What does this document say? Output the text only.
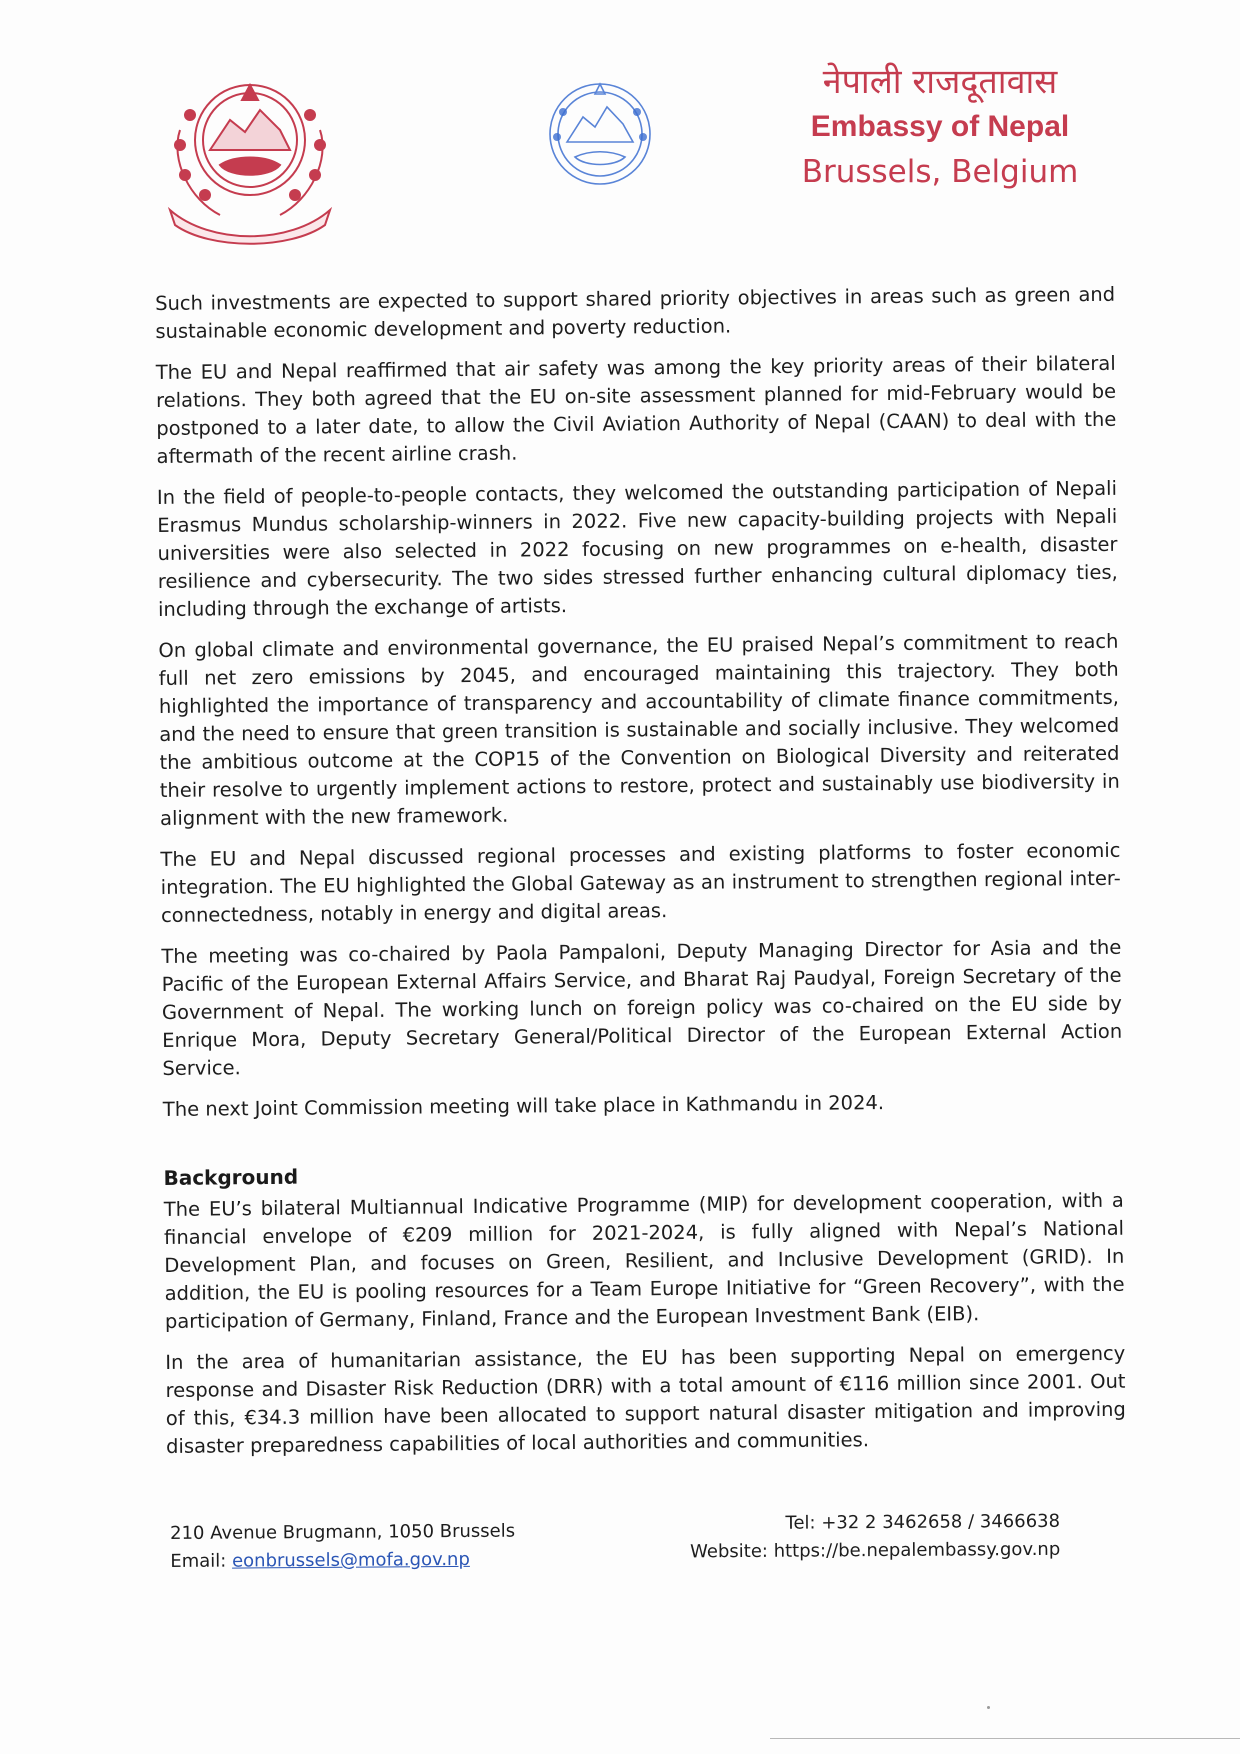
नेपाली राजदूतावास
Embassy of Nepal
Brussels, Belgium

Such investments are expected to support shared priority objectives in areas such as green and sustainable economic development and poverty reduction.

The EU and Nepal reaffirmed that air safety was among the key priority areas of their bilateral relations. They both agreed that the EU on-site assessment planned for mid-February would be postponed to a later date, to allow the Civil Aviation Authority of Nepal (CAAN) to deal with the aftermath of the recent airline crash.

In the field of people-to-people contacts, they welcomed the outstanding participation of Nepali Erasmus Mundus scholarship-winners in 2022. Five new capacity-building projects with Nepali universities were also selected in 2022 focusing on new programmes on e-health, disaster resilience and cybersecurity. The two sides stressed further enhancing cultural diplomacy ties, including through the exchange of artists.

On global climate and environmental governance, the EU praised Nepal’s commitment to reach full net zero emissions by 2045, and encouraged maintaining this trajectory. They both highlighted the importance of transparency and accountability of climate finance commitments, and the need to ensure that green transition is sustainable and socially inclusive. They welcomed the ambitious outcome at the COP15 of the Convention on Biological Diversity and reiterated their resolve to urgently implement actions to restore, protect and sustainably use biodiversity in alignment with the new framework.

The EU and Nepal discussed regional processes and existing platforms to foster economic integration. The EU highlighted the Global Gateway as an instrument to strengthen regional inter-connectedness, notably in energy and digital areas.

The meeting was co-chaired by Paola Pampaloni, Deputy Managing Director for Asia and the Pacific of the European External Affairs Service, and Bharat Raj Paudyal, Foreign Secretary of the Government of Nepal. The working lunch on foreign policy was co-chaired on the EU side by Enrique Mora, Deputy Secretary General/Political Director of the European External Action Service.

The next Joint Commission meeting will take place in Kathmandu in 2024.

Background

The EU’s bilateral Multiannual Indicative Programme (MIP) for development cooperation, with a financial envelope of €209 million for 2021-2024, is fully aligned with Nepal’s National Development Plan, and focuses on Green, Resilient, and Inclusive Development (GRID). In addition, the EU is pooling resources for a Team Europe Initiative for “Green Recovery”, with the participation of Germany, Finland, France and the European Investment Bank (EIB).

In the area of humanitarian assistance, the EU has been supporting Nepal on emergency response and Disaster Risk Reduction (DRR) with a total amount of €116 million since 2001. Out of this, €34.3 million have been allocated to support natural disaster mitigation and improving disaster preparedness capabilities of local authorities and communities.

210 Avenue Brugmann, 1050 Brussels
Email: eonbrussels@mofa.gov.np
Tel: +32 2 3462658 / 3466638
Website: https://be.nepalembassy.gov.np
